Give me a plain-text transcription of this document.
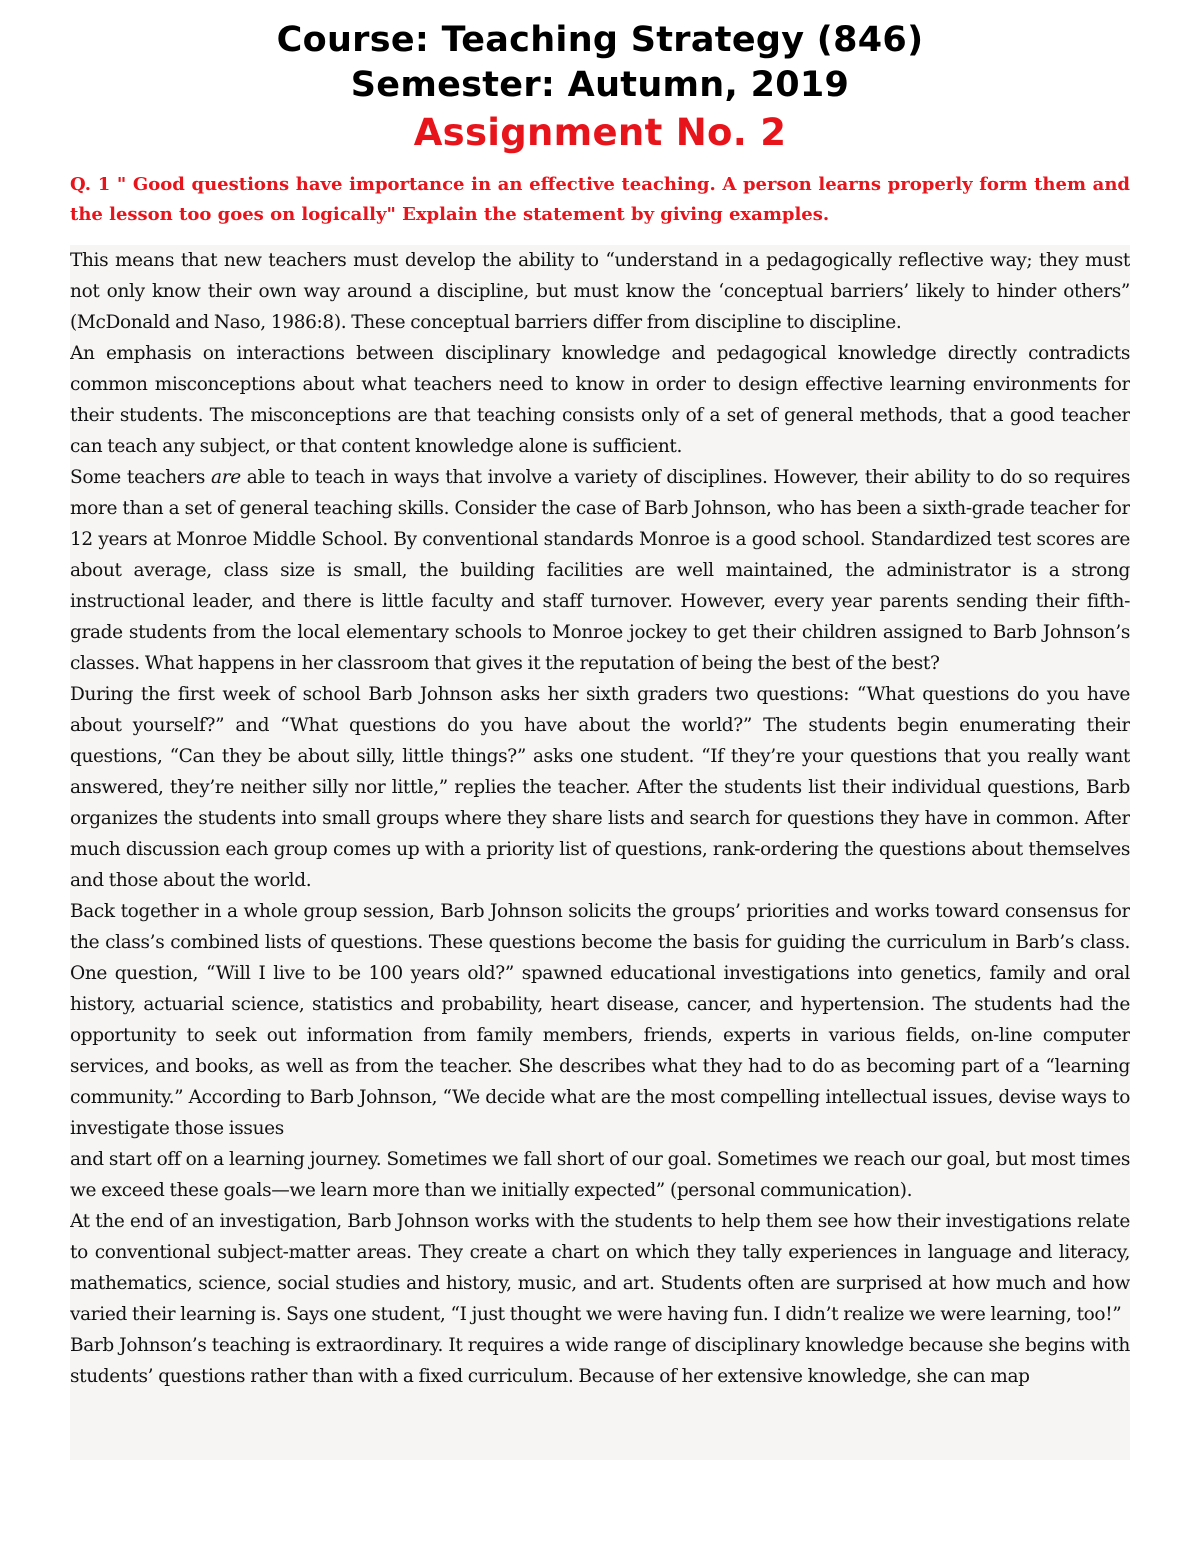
Course: Teaching Strategy (846)
Semester: Autumn, 2019
Assignment No. 2
Q. 1 " Good questions have importance in an effective teaching. A person learns properly form them and the lesson too goes on logically" Explain the statement by giving examples.

This means that new teachers must develop the ability to “understand in a pedagogically reflective way; they must not only know their own way around a discipline, but must know the ‘conceptual barriers’ likely to hinder others” (McDonald and Naso, 1986:8). These conceptual barriers differ from discipline to discipline.

An emphasis on interactions between disciplinary knowledge and pedagogical knowledge directly contradicts common misconceptions about what teachers need to know in order to design effective learning environments for their students. The misconceptions are that teaching consists only of a set of general methods, that a good teacher can teach any subject, or that content knowledge alone is sufficient.

Some teachers are able to teach in ways that involve a variety of disciplines. However, their ability to do so requires more than a set of general teaching skills. Consider the case of Barb Johnson, who has been a sixth-grade teacher for 12 years at Monroe Middle School. By conventional standards Monroe is a good school. Standardized test scores are about average, class size is small, the building facilities are well maintained, the administrator is a strong instructional leader, and there is little faculty and staff turnover. However, every year parents sending their fifth-grade students from the local elementary schools to Monroe jockey to get their children assigned to Barb Johnson’s classes. What happens in her classroom that gives it the reputation of being the best of the best?

During the first week of school Barb Johnson asks her sixth graders two questions: “What questions do you have about yourself?” and “What questions do you have about the world?” The students begin enumerating their questions, “Can they be about silly, little things?” asks one student. “If they’re your questions that you really want answered, they’re neither silly nor little,” replies the teacher. After the students list their individual questions, Barb organizes the students into small groups where they share lists and search for questions they have in common. After much discussion each group comes up with a priority list of questions, rank-ordering the questions about themselves and those about the world.

Back together in a whole group session, Barb Johnson solicits the groups’ priorities and works toward consensus for the class’s combined lists of questions. These questions become the basis for guiding the curriculum in Barb’s class. One question, “Will I live to be 100 years old?” spawned educational investigations into genetics, family and oral history, actuarial science, statistics and probability, heart disease, cancer, and hypertension. The students had the opportunity to seek out information from family members, friends, experts in various fields, on-line computer services, and books, as well as from the teacher. She describes what they had to do as becoming part of a “learning community.” According to Barb Johnson, “We decide what are the most compelling intellectual issues, devise ways to investigate those issues

and start off on a learning journey. Sometimes we fall short of our goal. Sometimes we reach our goal, but most times we exceed these goals—we learn more than we initially expected” (personal communication).

At the end of an investigation, Barb Johnson works with the students to help them see how their investigations relate to conventional subject-matter areas. They create a chart on which they tally experiences in language and literacy, mathematics, science, social studies and history, music, and art. Students often are surprised at how much and how varied their learning is. Says one student, “I just thought we were having fun. I didn’t realize we were learning, too!”

Barb Johnson’s teaching is extraordinary. It requires a wide range of disciplinary knowledge because she begins with students’ questions rather than with a fixed curriculum. Because of her extensive knowledge, she can map
